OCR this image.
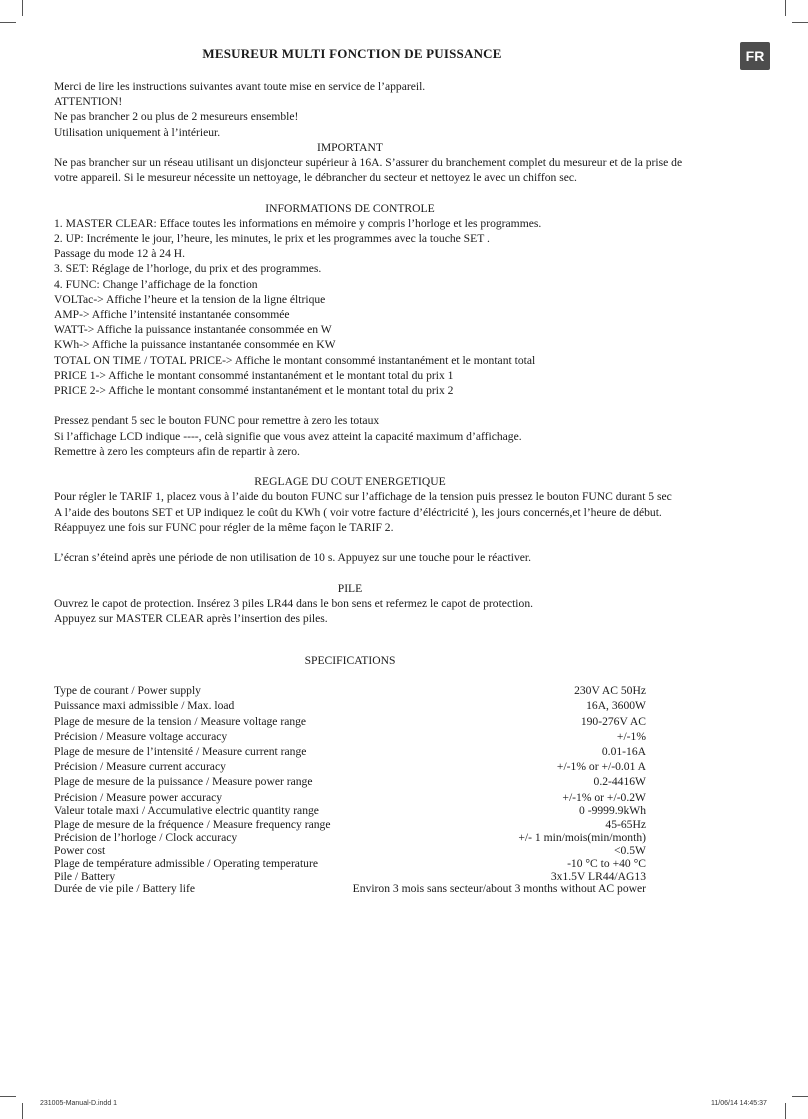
MESUREUR MULTI FONCTION DE PUISSANCE	FR
Merci de lire les instructions suivantes avant toute mise en service de l’appareil.
ATTENTION!
Ne pas brancher 2 ou plus de 2 mesureurs ensemble!
Utilisation uniquement à l’intérieur.
IMPORTANT
Ne pas brancher sur un réseau utilisant un disjoncteur supérieur à 16A. S’assurer du branchement complet du mesureur et de la prise de
votre appareil. Si le mesureur nécessite un nettoyage, le débrancher du secteur et nettoyez le avec un chiffon sec.
INFORMATIONS DE CONTROLE
1. MASTER CLEAR: Efface toutes les informations en mémoire y compris l’horloge et les programmes.
2. UP: Incrémente le jour, l’heure, les minutes, le prix et les programmes avec la touche SET .
Passage du mode 12 à 24 H.
3. SET: Réglage de l’horloge, du prix et des programmes.
4. FUNC: Change l’affichage de la fonction
VOLTac-> Affiche l’heure et la tension de la ligne éltrique
AMP-> Affiche l’intensité instantanée consommée
WATT-> Affiche la puissance instantanée consommée en W
KWh-> Affiche la puissance instantanée consommée en KW
TOTAL ON TIME / TOTAL PRICE-> Affiche le montant consommé instantanément et le montant total
PRICE 1-> Affiche le montant consommé instantanément et le montant total du prix 1
PRICE 2-> Affiche le montant consommé instantanément et le montant total du prix 2
Pressez pendant 5 sec le bouton FUNC pour remettre à zero les totaux
Si l’affichage LCD indique ----, celà signifie que vous avez atteint la capacité maximum d’affichage.
Remettre à zero les compteurs afin de repartir à zero.
REGLAGE DU COUT ENERGETIQUE
Pour régler le TARIF 1, placez vous à l’aide du bouton FUNC sur l’affichage de la tension puis pressez le bouton FUNC durant 5 sec
A l’aide des boutons SET et UP indiquez le coût du KWh ( voir votre facture d’éléctricité ), les jours concernés,et l’heure de début.
Réappuyez une fois sur FUNC pour régler de la même façon le TARIF 2.
L’écran s’éteind après une période de non utilisation de 10 s. Appuyez sur une touche pour le réactiver.
PILE
Ouvrez le capot de protection. Insérez 3 piles LR44 dans le bon sens et refermez le capot de protection.
Appuyez sur MASTER CLEAR après l’insertion des piles.
SPECIFICATIONS
Type de courant / Power supply	230V AC 50Hz
Puissance maxi admissible / Max. load	16A, 3600W
Plage de mesure de la tension / Measure voltage range	190-276V AC
Précision / Measure voltage accuracy	+/-1%
Plage de mesure de l’intensité / Measure current range	0.01-16A
Précision / Measure current accuracy	+/-1% or +/-0.01 A
Plage de mesure de la puissance / Measure power range	0.2-4416W
Précision / Measure power accuracy	+/-1% or +/-0.2W
Valeur totale maxi / Accumulative electric quantity range	0 -9999.9kWh
Plage de mesure de la fréquence / Measure frequency range	45-65Hz
Précision de l’horloge / Clock accuracy	+/- 1 min/mois(min/month)
Power cost	<0.5W
Plage de température admissible / Operating temperature	-10 °C to +40 °C
Pile / Battery	3x1.5V LR44/AG13
Durée de vie pile / Battery life	Environ 3 mois sans secteur/about 3 months without AC power
231005-Manual-D.indd 1	11/06/14 14:45:37
